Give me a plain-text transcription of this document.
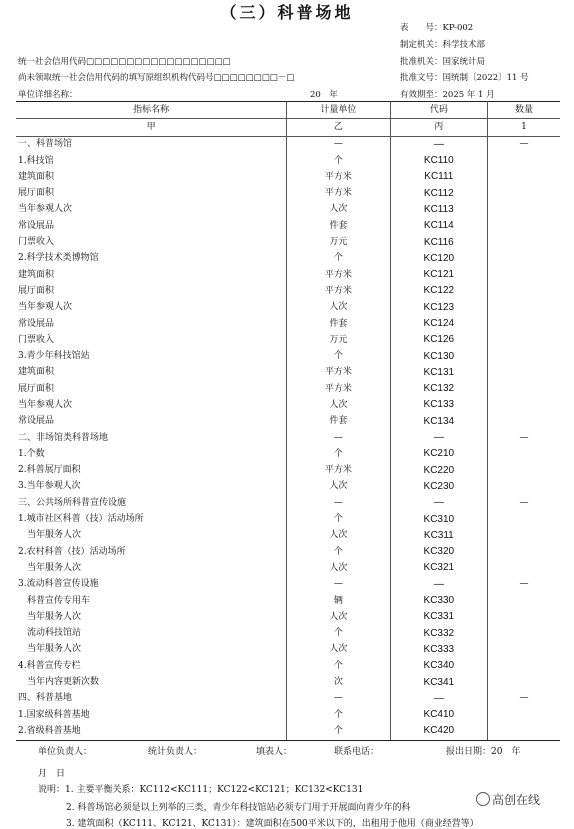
（三）科普场地
表　　号：KP-002
制定机关：科学技术部
统一社会信用代码□□□□□□□□□□□□□□□□□□	批准机关：国家统计局
尚未领取统一社会信用代码的填写原组织机构代码号□□□□□□□□－□	批准文号：国统制〔2022〕11 号
单位详细名称：	20　年	有效期至：2025 年 1 月
指标名称	计量单位	代码	数量
甲	乙	丙	1
一、科普场馆	—	—	—
1.科技馆	个	KC110	
建筑面积	平方米	KC111	
展厅面积	平方米	KC112	
当年参观人次	人次	KC113	
常设展品	件套	KC114	
门票收入	万元	KC116	
2.科学技术类博物馆	个	KC120	
建筑面积	平方米	KC121	
展厅面积	平方米	KC122	
当年参观人次	人次	KC123	
常设展品	件套	KC124	
门票收入	万元	KC126	
3.青少年科技馆站	个	KC130	
建筑面积	平方米	KC131	
展厅面积	平方米	KC132	
当年参观人次	人次	KC133	
常设展品	件套	KC134	
二、非场馆类科普场地	—	—	—
1.个数	个	KC210	
2.科普展厅面积	平方米	KC220	
3.当年参观人次	人次	KC230	
三、公共场所科普宣传设施	—	—	—
1.城市社区科普（技）活动场所	个	KC310	
　当年服务人次	人次	KC311	
2.农村科普（技）活动场所	个	KC320	
　当年服务人次	人次	KC321	
3.流动科普宣传设施	—	—	—
　科普宣传专用车	辆	KC330	
　当年服务人次	人次	KC331	
　流动科技馆站	个	KC332	
　当年服务人次	人次	KC333	
4.科普宣传专栏	个	KC340	
　当年内容更新次数	次	KC341	
四、科普基地	—	—	—
1.国家级科普基地	个	KC410	
2.省级科普基地	个	KC420	
单位负责人：	统计负责人：	填表人：	联系电话：	报出日期：20　年
月　日
说明：1. 主要平衡关系：KC112<KC111；KC122<KC121；KC132<KC131
2. 科普场馆必须是以上列举的三类，青少年科技馆站必须专门用于开展面向青少年的科
3. 建筑面积（KC111、KC121、KC131）：建筑面积在500平米以下的，出租用于他用（商业经营等）
高创在线
